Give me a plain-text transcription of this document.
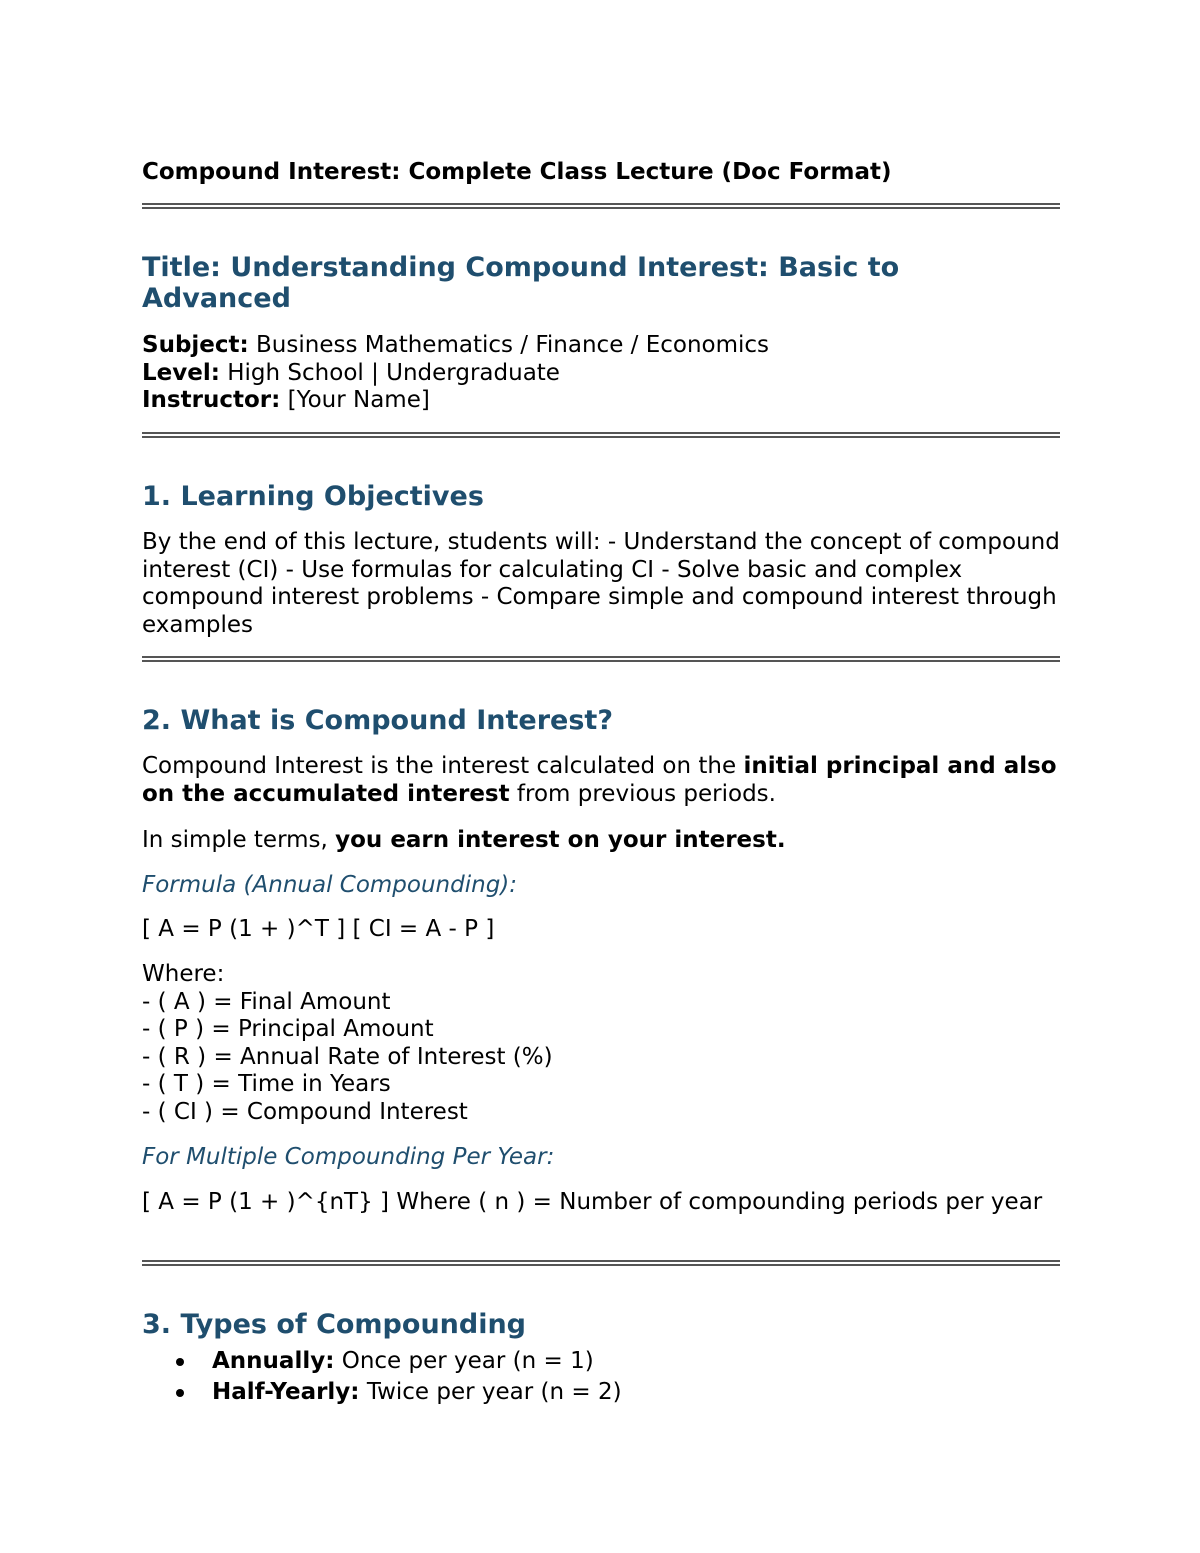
Compound Interest: Complete Class Lecture (Doc Format)

Title: Understanding Compound Interest: Basic to Advanced
Subject: Business Mathematics / Finance / Economics
Level: High School | Undergraduate
Instructor: [Your Name]
1. Learning Objectives

By the end of this lecture, students will: - Understand the concept of compound interest (CI) - Use formulas for calculating CI - Solve basic and complex compound interest problems - Compare simple and compound interest through examples

2. What is Compound Interest?

Compound Interest is the interest calculated on the initial principal and also on the accumulated interest from previous periods.

In simple terms, you earn interest on your interest.

Formula (Annual Compounding):

[ A = P (1 + )^T ] [ CI = A - P ]

Where:
- ( A ) = Final Amount
- ( P ) = Principal Amount
- ( R ) = Annual Rate of Interest (%)
- ( T ) = Time in Years
- ( CI ) = Compound Interest

For Multiple Compounding Per Year:

[ A = P (1 + )^{nT} ] Where ( n ) = Number of compounding periods per year

3. Types of Compounding
Annually: Once per year (n = 1)
Half-Yearly: Twice per year (n = 2)
